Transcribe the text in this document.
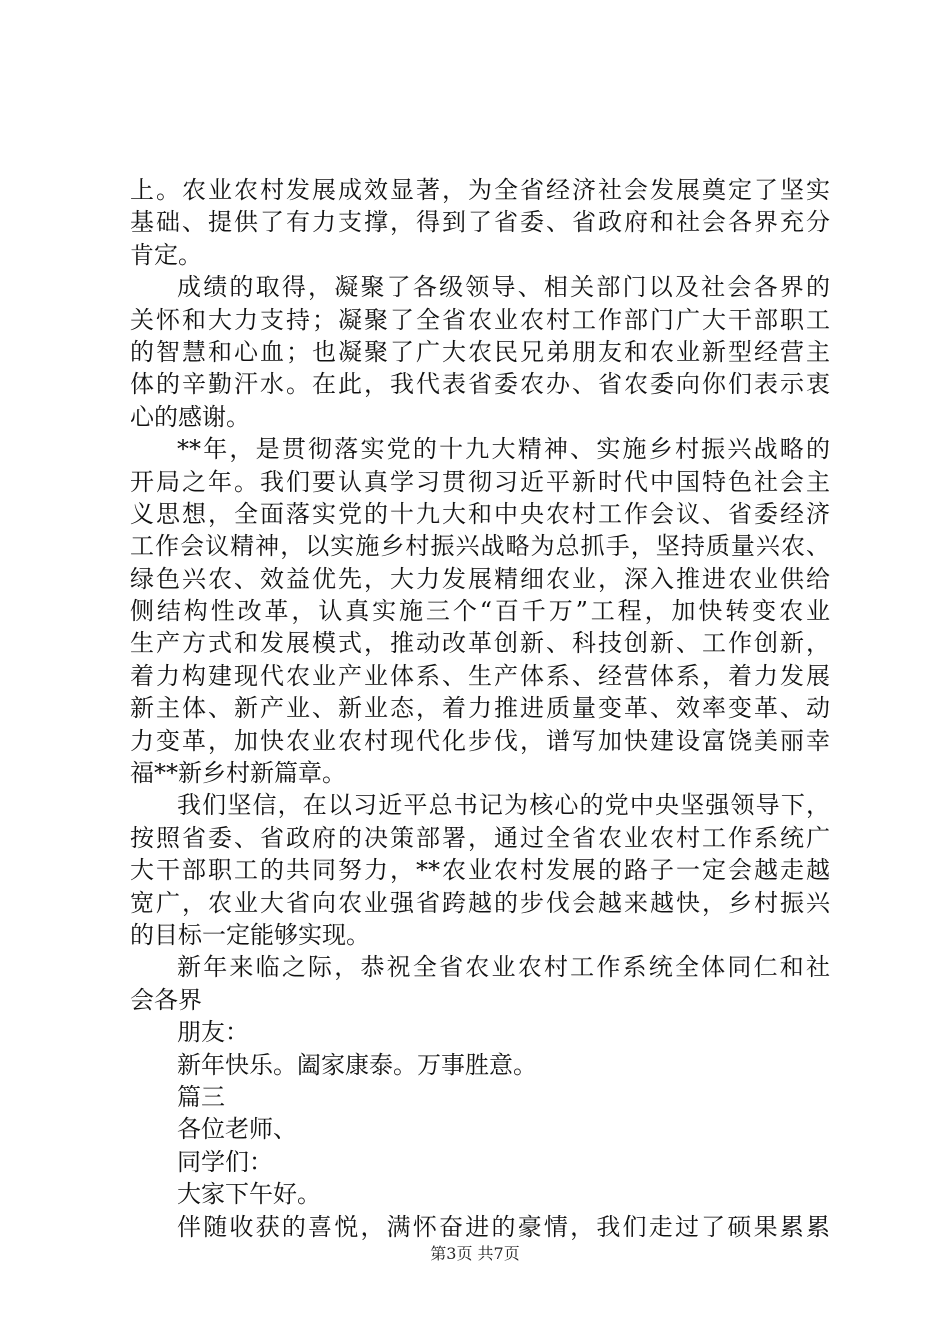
上。农业农村发展成效显著，为全省经济社会发展奠定了坚实
基础、提供了有力支撑，得到了省委、省政府和社会各界充分
肯定。
成绩的取得，凝聚了各级领导、相关部门以及社会各界的
关怀和大力支持；凝聚了全省农业农村工作部门广大干部职工
的智慧和心血；也凝聚了广大农民兄弟朋友和农业新型经营主
体的辛勤汗水。在此，我代表省委农办、省农委向你们表示衷
心的感谢。
**年，是贯彻落实党的十九大精神、实施乡村振兴战略的
开局之年。我们要认真学习贯彻习近平新时代中国特色社会主
义思想，全面落实党的十九大和中央农村工作会议、省委经济
工作会议精神，以实施乡村振兴战略为总抓手，坚持质量兴农、
绿色兴农、效益优先，大力发展精细农业，深入推进农业供给
侧结构性改革，认真实施三个“百千万”工程，加快转变农业
生产方式和发展模式，推动改革创新、科技创新、工作创新，
着力构建现代农业产业体系、生产体系、经营体系，着力发展
新主体、新产业、新业态，着力推进质量变革、效率变革、动
力变革，加快农业农村现代化步伐，谱写加快建设富饶美丽幸
福**新乡村新篇章。
我们坚信，在以习近平总书记为核心的党中央坚强领导下，
按照省委、省政府的决策部署，通过全省农业农村工作系统广
大干部职工的共同努力，**农业农村发展的路子一定会越走越
宽广，农业大省向农业强省跨越的步伐会越来越快，乡村振兴
的目标一定能够实现。
新年来临之际，恭祝全省农业农村工作系统全体同仁和社
会各界
朋友：
新年快乐。阖家康泰。万事胜意。
篇三
各位老师、
同学们：
大家下午好。
伴随收获的喜悦，满怀奋进的豪情，我们走过了硕果累累
第3页 共7页
